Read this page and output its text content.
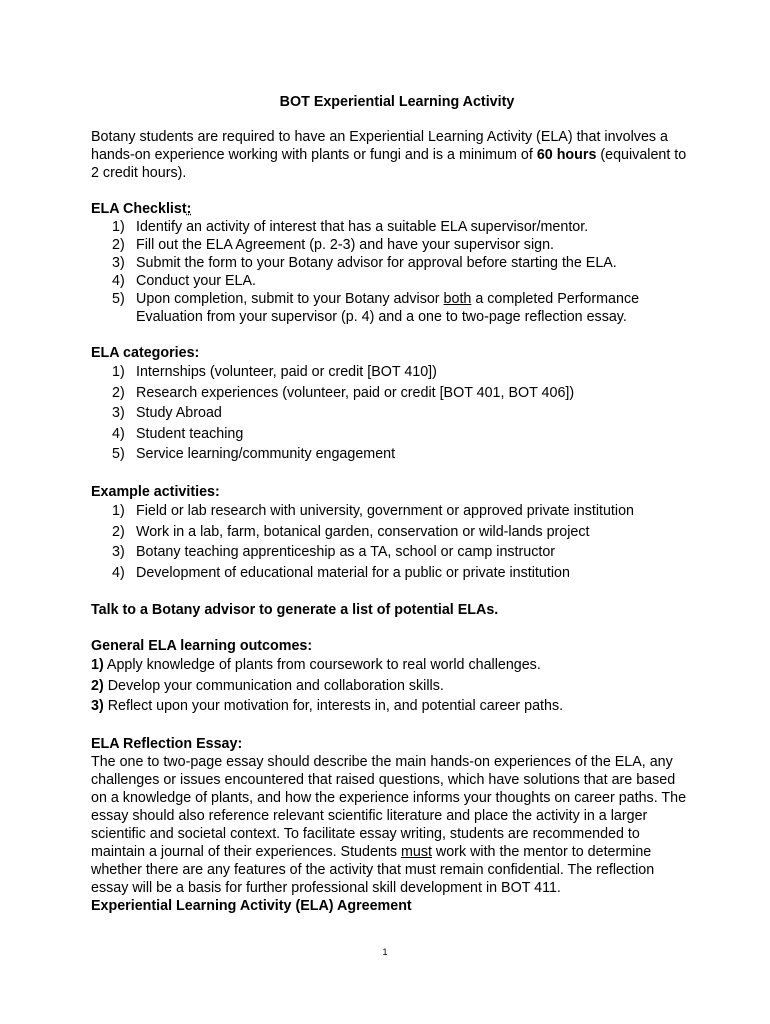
BOT Experiential Learning Activity

Botany students are required to have an Experiential Learning Activity (ELA) that involves a hands-on experience working with plants or fungi and is a minimum of 60 hours (equivalent to 2 credit hours).

ELA Checklist:
1) Identify an activity of interest that has a suitable ELA supervisor/mentor.
2) Fill out the ELA Agreement (p. 2-3) and have your supervisor sign.
3) Submit the form to your Botany advisor for approval before starting the ELA.
4) Conduct your ELA.
5) Upon completion, submit to your Botany advisor both a completed Performance Evaluation from your supervisor (p. 4) and a one to two-page reflection essay.
ELA categories:
1) Internships (volunteer, paid or credit [BOT 410])
2) Research experiences (volunteer, paid or credit [BOT 401, BOT 406])
3) Study Abroad
4) Student teaching
5) Service learning/community engagement
Example activities:
1) Field or lab research with university, government or approved private institution
2) Work in a lab, farm, botanical garden, conservation or wild-lands project
3) Botany teaching apprenticeship as a TA, school or camp instructor
4) Development of educational material for a public or private institution
Talk to a Botany advisor to generate a list of potential ELAs.
General ELA learning outcomes:
1) Apply knowledge of plants from coursework to real world challenges.
2) Develop your communication and collaboration skills.
3) Reflect upon your motivation for, interests in, and potential career paths.
ELA Reflection Essay:

The one to two-page essay should describe the main hands-on experiences of the ELA, any challenges or issues encountered that raised questions, which have solutions that are based on a knowledge of plants, and how the experience informs your thoughts on career paths. The essay should also reference relevant scientific literature and place the activity in a larger scientific and societal context. To facilitate essay writing, students are recommended to maintain a journal of their experiences. Students must work with the mentor to determine whether there are any features of the activity that must remain confidential. The reflection essay will be a basis for further professional skill development in BOT 411.

Experiential Learning Activity (ELA) Agreement
1
